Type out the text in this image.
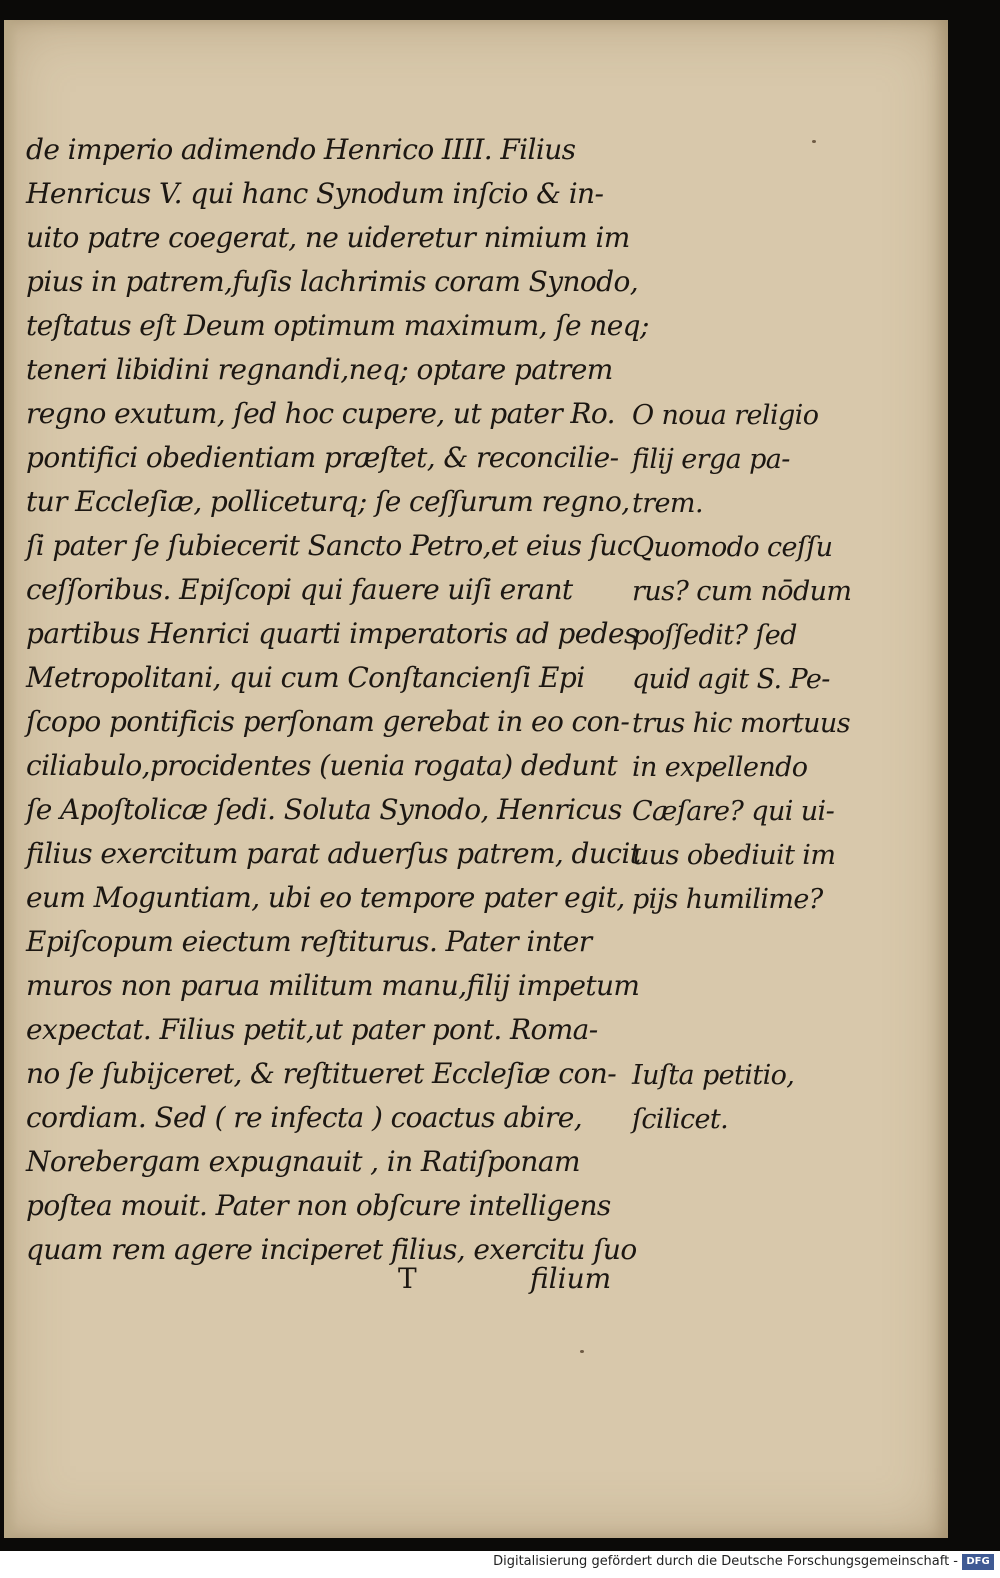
de imperio adimendo Henrico IIII. Filius
Henricus V. qui hanc Synodum inſcio & in-
uito patre coegerat, ne uideretur nimium im
pius in patrem,fuſis lachrimis coram Synodo,
teſtatus eſt Deum optimum maximum, ſe neq;
teneri libidini regnandi,neq; optare patrem
regno exutum, ſed hoc cupere, ut pater Ro.
pontifici obedientiam præſtet, & reconcilie-
tur Eccleſiæ, polliceturq; ſe ceſſurum regno,
ſi pater ſe ſubiecerit Sancto Petro,et eius ſuc
ceſſoribus. Epiſcopi qui fauere uiſi erant
partibus Henrici quarti imperatoris ad pedes
Metropolitani, qui cum Conſtancienſi Epi
ſcopo pontificis perſonam gerebat in eo con-
ciliabulo,procidentes (uenia rogata) dedunt
ſe Apoſtolicæ ſedi. Soluta Synodo, Henricus
filius exercitum parat aduerſus patrem, ducit
eum Moguntiam, ubi eo tempore pater egit,
Epiſcopum eiectum reſtiturus. Pater inter
muros non parua militum manu,filij impetum
expectat. Filius petit,ut pater pont. Roma-
no ſe ſubijceret, & reſtitueret Eccleſiæ con-
cordiam. Sed ( re infecta ) coactus abire,
Norebergam expugnauit , in Ratiſponam
poſtea mouit. Pater non obſcure intelligens
quam rem agere inciperet filius, exercitu ſuo
O noua religio
filij erga pa-
trem.
Quomodo ceſſu
rus? cum nōdum
poſſedit? ſed
quid agit S. Pe-
trus hic mortuus
in expellendo
Cæſare? qui ui-
uus obediuit im
pijs humilime?
Iuſta petitio,
ſcilicet.
T	filium
Digitalisierung gefördert durch die Deutsche Forschungsgemeinschaft - DFG
